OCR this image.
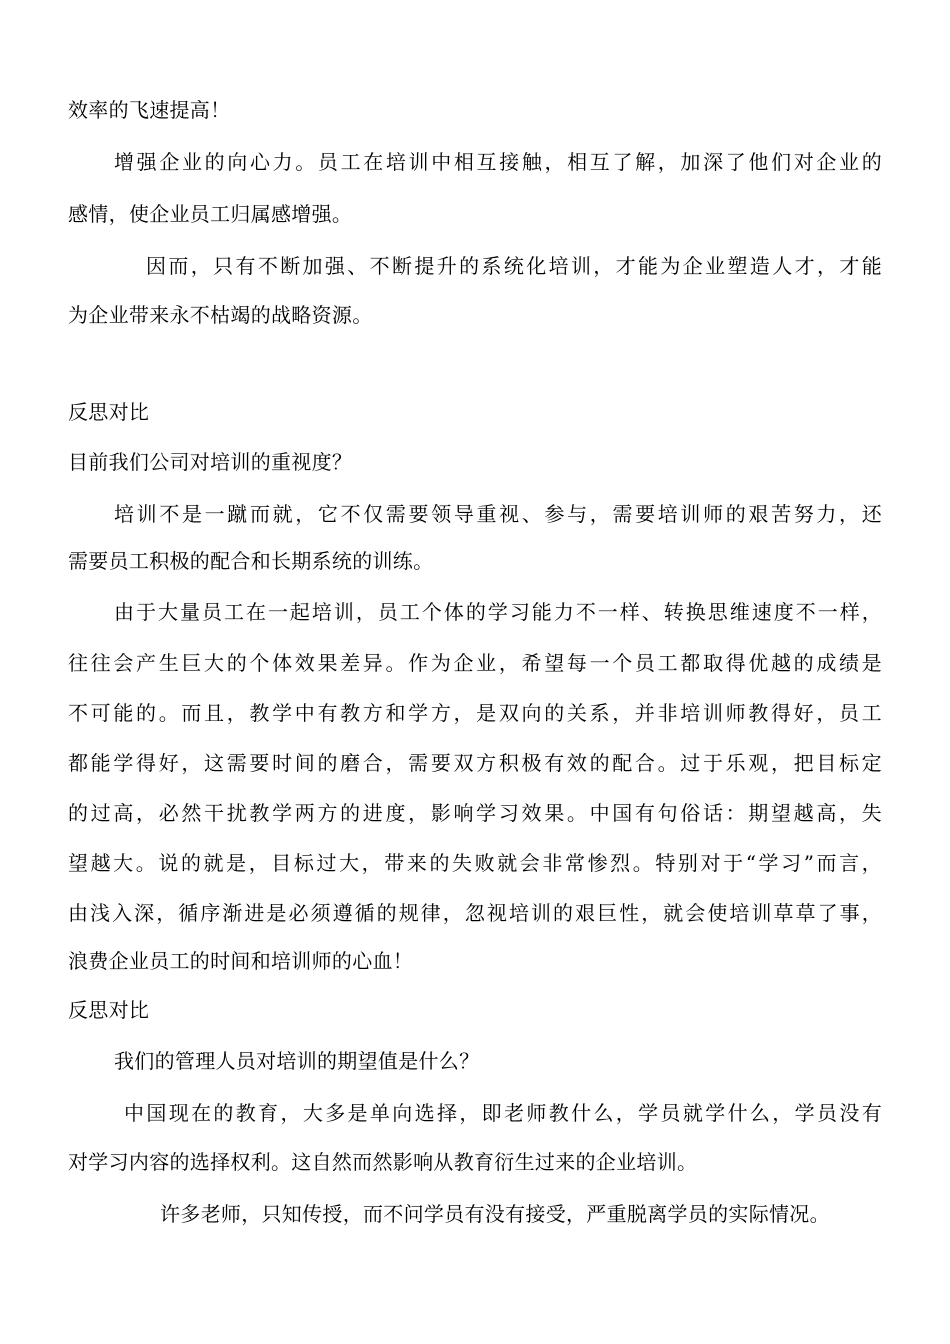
效率的飞速提高！
增强企业的向心力。员工在培训中相互接触，相互了解，加深了他们对企业的
感情，使企业员工归属感增强。
因而，只有不断加强、不断提升的系统化培训，才能为企业塑造人才，才能
为企业带来永不枯竭的战略资源。
反思对比
目前我们公司对培训的重视度？
培训不是一蹴而就，它不仅需要领导重视、参与，需要培训师的艰苦努力，还
需要员工积极的配合和长期系统的训练。
由于大量员工在一起培训，员工个体的学习能力不一样、转换思维速度不一样，
往往会产生巨大的个体效果差异。作为企业，希望每一个员工都取得优越的成绩是
不可能的。而且，教学中有教方和学方，是双向的关系，并非培训师教得好，员工
都能学得好，这需要时间的磨合，需要双方积极有效的配合。过于乐观，把目标定
的过高，必然干扰教学两方的进度，影响学习效果。中国有句俗话：期望越高，失
望越大。说的就是，目标过大，带来的失败就会非常惨烈。特别对于“学习”而言，
由浅入深，循序渐进是必须遵循的规律，忽视培训的艰巨性，就会使培训草草了事，
浪费企业员工的时间和培训师的心血！
反思对比
我们的管理人员对培训的期望值是什么？
中国现在的教育，大多是单向选择，即老师教什么，学员就学什么，学员没有
对学习内容的选择权利。这自然而然影响从教育衍生过来的企业培训。
许多老师，只知传授，而不问学员有没有接受，严重脱离学员的实际情况。
